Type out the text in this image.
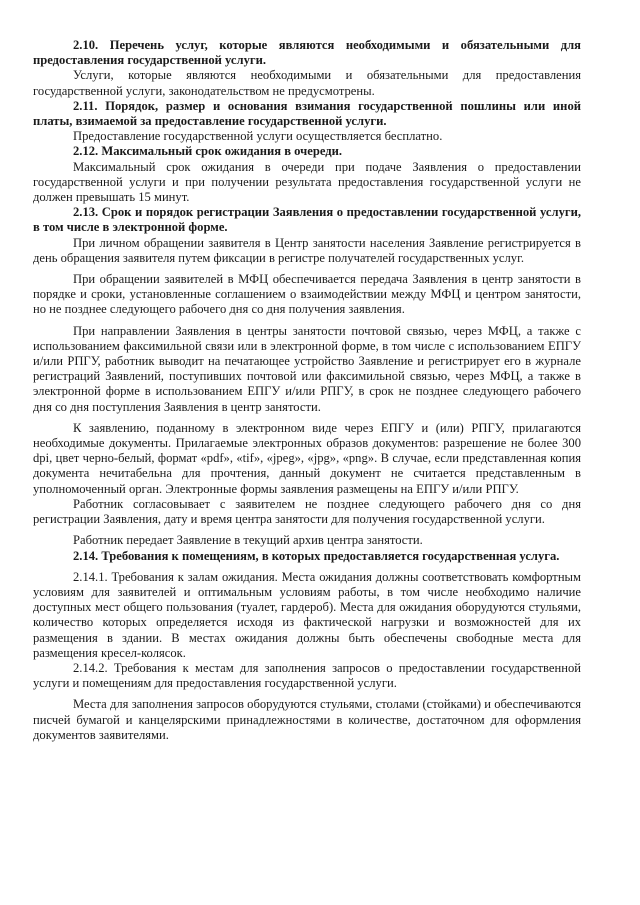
2.10. Перечень услуг, которые являются необходимыми и обязательными для предоставления государственной услуги.

Услуги, которые являются необходимыми и обязательными для предоставления государственной услуги, законодательством не предусмотрены.

2.11. Порядок, размер и основания взимания государственной пошлины или иной платы, взимаемой за предоставление государственной услуги.

Предоставление государственной услуги осуществляется бесплатно.

2.12. Максимальный срок ожидания в очереди.

Максимальный срок ожидания в очереди при подаче Заявления о предоставлении государственной услуги и при получении результата предоставления государственной услуги не должен превышать 15 минут.

2.13. Срок и порядок регистрации Заявления о предоставлении государственной услуги, в том числе в электронной форме.

При личном обращении заявителя в Центр занятости населения Заявление регистрируется в день обращения заявителя путем фиксации в регистре получателей государственных услуг.

При обращении заявителей в МФЦ обеспечивается передача Заявления в центр занятости в порядке и сроки, установленные соглашением о взаимодействии между МФЦ и центром занятости, но не позднее следующего рабочего дня со дня получения заявления.

При направлении Заявления в центры занятости почтовой связью, через МФЦ, а также с использованием факсимильной связи или в электронной форме, в том числе с использованием ЕПГУ и/или РПГУ, работник выводит на печатающее устройство Заявление и регистрирует его в журнале регистраций Заявлений, поступивших почтовой или факсимильной связью, через МФЦ, а также в электронной форме в использованием ЕПГУ и/или РПГУ, в срок не позднее следующего рабочего дня со дня поступления Заявления в центр занятости.

К заявлению, поданному в электронном виде через ЕПГУ и (или) РПГУ, прилагаются необходимые документы. Прилагаемые электронных образов документов: разрешение не более 300 dpi, цвет черно-белый, формат «pdf», «tif», «jpeg», «jpg», «png». В случае, если представленная копия документа нечитабельна для прочтения, данный документ не считается представленным в уполномоченный орган. Электронные формы заявления размещены на ЕПГУ и/или РПГУ.

Работник согласовывает с заявителем не позднее следующего рабочего дня со дня регистрации Заявления, дату и время центра занятости для получения государственной услуги.

Работник передает Заявление в текущий архив центра занятости.

2.14. Требования к помещениям, в которых предоставляется государственная услуга.

2.14.1. Требования к залам ожидания. Места ожидания должны соответствовать комфортным условиям для заявителей и оптимальным условиям работы, в том числе необходимо наличие доступных мест общего пользования (туалет, гардероб). Места для ожидания оборудуются стульями, количество которых определяется исходя из фактической нагрузки и возможностей для их размещения в здании. В местах ожидания должны быть обеспечены свободные места для размещения кресел-колясок.

2.14.2. Требования к местам для заполнения запросов о предоставлении государственной услуги и помещениям для предоставления государственной услуги.

Места для заполнения запросов оборудуются стульями, столами (стойками) и обеспечиваются писчей бумагой и канцелярскими принадлежностями в количестве, достаточном для оформления документов заявителями.
